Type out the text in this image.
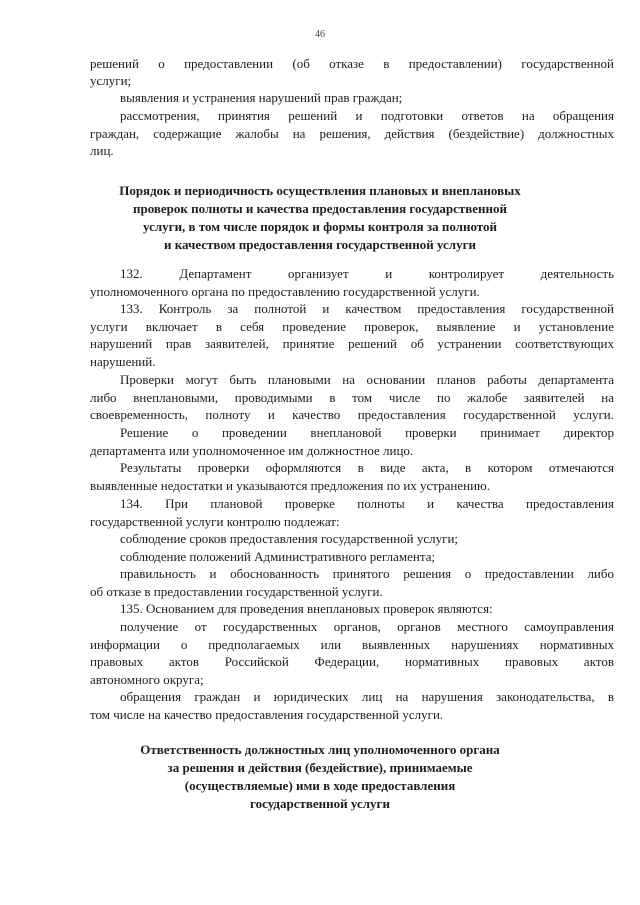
46
решений о предоставлении (об отказе в предоставлении) государственной
услуги;
выявления и устранения нарушений прав граждан;
рассмотрения, принятия решений и подготовки ответов на обращения
граждан, содержащие жалобы на решения, действия (бездействие) должностных
лиц.
Порядок и периодичность осуществления плановых и внеплановых
проверок полноты и качества предоставления государственной
услуги, в том числе порядок и формы контроля за полнотой
и качеством предоставления государственной услуги
132. Департамент организует и контролирует деятельность
уполномоченного органа по предоставлению государственной услуги.
133. Контроль за полнотой и качеством предоставления государственной
услуги включает в себя проведение проверок, выявление и установление
нарушений прав заявителей, принятие решений об устранении соответствующих
нарушений.
Проверки могут быть плановыми на основании планов работы департамента
либо внеплановыми, проводимыми в том числе по жалобе заявителей на
своевременность, полноту и качество предоставления государственной услуги.
Решение о проведении внеплановой проверки принимает директор
департамента или уполномоченное им должностное лицо.
Результаты проверки оформляются в виде акта, в котором отмечаются
выявленные недостатки и указываются предложения по их устранению.
134. При плановой проверке полноты и качества предоставления
государственной услуги контролю подлежат:
соблюдение сроков предоставления государственной услуги;
соблюдение положений Административного регламента;
правильность и обоснованность принятого решения о предоставлении либо
об отказе в предоставлении государственной услуги.
135. Основанием для проведения внеплановых проверок являются:
получение от государственных органов, органов местного самоуправления
информации о предполагаемых или выявленных нарушениях нормативных
правовых актов Российской Федерации, нормативных правовых актов
автономного округа;
обращения граждан и юридических лиц на нарушения законодательства, в
том числе на качество предоставления государственной услуги.
Ответственность должностных лиц уполномоченного органа
за решения и действия (бездействие), принимаемые
(осуществляемые) ими в ходе предоставления
государственной услуги
